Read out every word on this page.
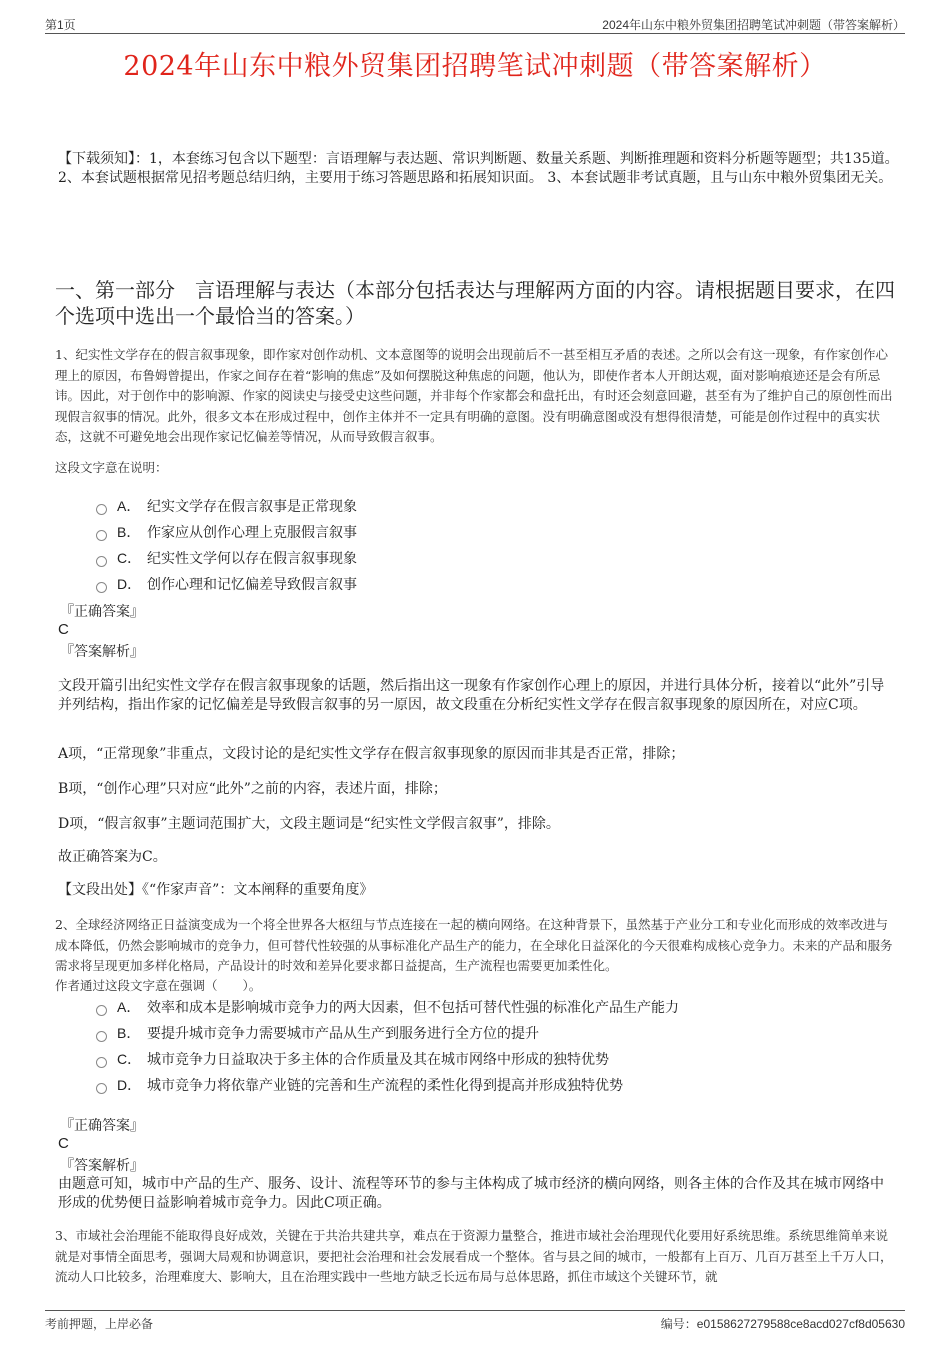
第1页	2024年山东中粮外贸集团招聘笔试冲刺题（带答案解析）
2024年山东中粮外贸集团招聘笔试冲刺题（带答案解析）
【下载须知】：1，本套练习包含以下题型：言语理解与表达题、常识判断题、数量关系题、判断推理题和资料分析题等题型；共135道。 2、本套试题根据常见招考题总结归纳，主要用于练习答题思路和拓展知识面。 3、本套试题非考试真题，且与山东中粮外贸集团无关。
一、第一部分　言语理解与表达（本部分包括表达与理解两方面的内容。请根据题目要求，在四个选项中选出一个最恰当的答案。）
1、纪实性文学存在的假言叙事现象，即作家对创作动机、文本意图等的说明会出现前后不一甚至相互矛盾的表述。之所以会有这一现象，有作家创作心理上的原因，布鲁姆曾提出，作家之间存在着“影响的焦虑”及如何摆脱这种焦虑的问题，他认为，即使作者本人开朗达观，面对影响痕迹还是会有所忌讳。因此，对于创作中的影响源、作家的阅读史与接受史这些问题，并非每个作家都会和盘托出，有时还会刻意回避，甚至有为了维护自己的原创性而出现假言叙事的情况。此外，很多文本在形成过程中，创作主体并不一定具有明确的意图。没有明确意图或没有想得很清楚，可能是创作过程中的真实状态，这就不可避免地会出现作家记忆偏差等情况，从而导致假言叙事。
这段文字意在说明：
A． 纪实文学存在假言叙事是正常现象
B． 作家应从创作心理上克服假言叙事
C． 纪实性文学何以存在假言叙事现象
D． 创作心理和记忆偏差导致假言叙事
『正确答案』
C
『答案解析』
文段开篇引出纪实性文学存在假言叙事现象的话题，然后指出这一现象有作家创作心理上的原因，并进行具体分析，接着以“此外”引导并列结构，指出作家的记忆偏差是导致假言叙事的另一原因，故文段重在分析纪实性文学存在假言叙事现象的原因所在，对应C项。
A项，“正常现象”非重点，文段讨论的是纪实性文学存在假言叙事现象的原因而非其是否正常，排除；
B项，“创作心理”只对应“此外”之前的内容，表述片面，排除；
D项，“假言叙事”主题词范围扩大，文段主题词是“纪实性文学假言叙事”，排除。
故正确答案为C。
【文段出处】《“作家声音”：文本阐释的重要角度》
2、全球经济网络正日益演变成为一个将全世界各大枢纽与节点连接在一起的横向网络。在这种背景下，虽然基于产业分工和专业化而形成的效率改进与成本降低，仍然会影响城市的竞争力，但可替代性较强的从事标准化产品生产的能力，在全球化日益深化的今天很难构成核心竞争力。未来的产品和服务需求将呈现更加多样化格局，产品设计的时效和差异化要求都日益提高，生产流程也需要更加柔性化。
作者通过这段文字意在强调（　　）。
A． 效率和成本是影响城市竞争力的两大因素，但不包括可替代性强的标准化产品生产能力
B． 要提升城市竞争力需要城市产品从生产到服务进行全方位的提升
C． 城市竞争力日益取决于多主体的合作质量及其在城市网络中形成的独特优势
D． 城市竞争力将依靠产业链的完善和生产流程的柔性化得到提高并形成独特优势
『正确答案』
C
『答案解析』
由题意可知，城市中产品的生产、服务、设计、流程等环节的参与主体构成了城市经济的横向网络，则各主体的合作及其在城市网络中形成的优势便日益影响着城市竞争力。因此C项正确。
3、市域社会治理能不能取得良好成效，关键在于共治共建共享，难点在于资源力量整合，推进市域社会治理现代化要用好系统思维。系统思维简单来说就是对事情全面思考，强调大局观和协调意识，要把社会治理和社会发展看成一个整体。省与县之间的城市，一般都有上百万、几百万甚至上千万人口，流动人口比较多，治理难度大、影响大，且在治理实践中一些地方缺乏长远布局与总体思路，抓住市域这个关键环节，就
考前押题，上岸必备	编号：e0158627279588ce8acd027cf8d05630
